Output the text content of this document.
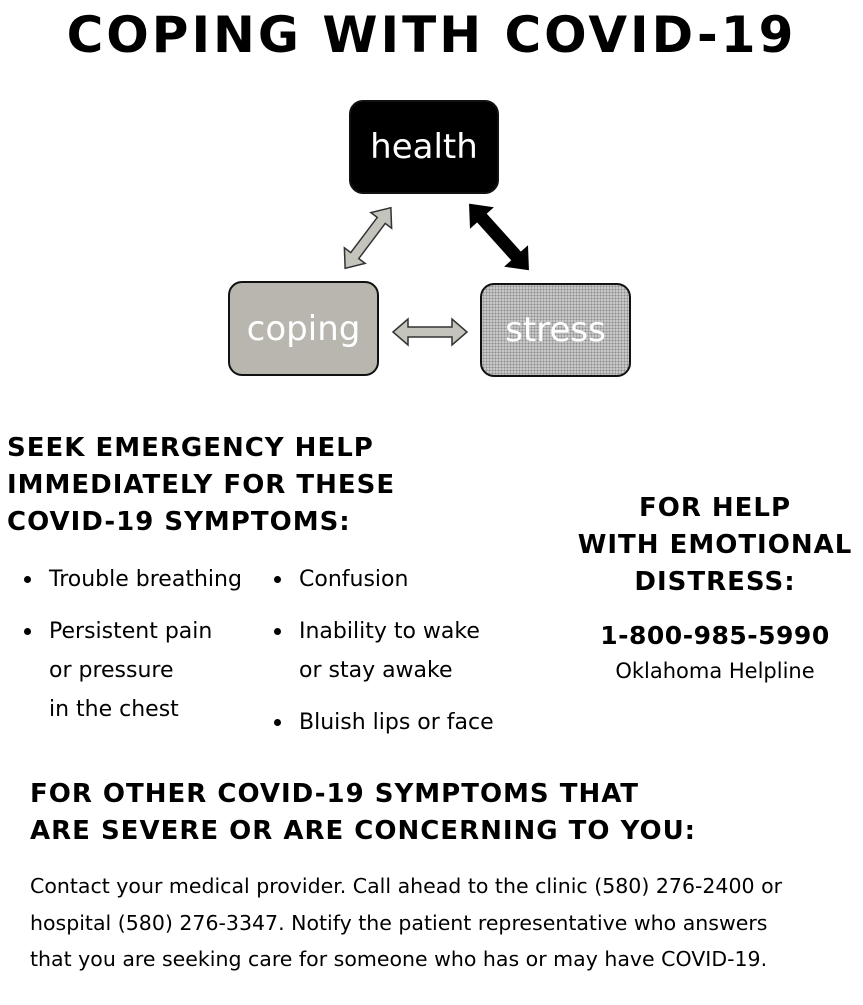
COPING WITH COVID-19
health
coping	stress
SEEK EMERGENCY HELP
IMMEDIATELY FOR THESE
COVID-19 SYMPTOMS:
Trouble breathing
Persistent pain
or pressure
in the chest
Confusion
Inability to wake
or stay awake
Bluish lips or face
FOR HELP
WITH EMOTIONAL
DISTRESS:
1-800-985-5990
Oklahoma Helpline
FOR OTHER COVID-19 SYMPTOMS THAT
ARE SEVERE OR ARE CONCERNING TO YOU:
Contact your medical provider. Call ahead to the clinic (580) 276-2400 or
hospital (580) 276-3347. Notify the patient representative who answers
that you are seeking care for someone who has or may have COVID-19.
